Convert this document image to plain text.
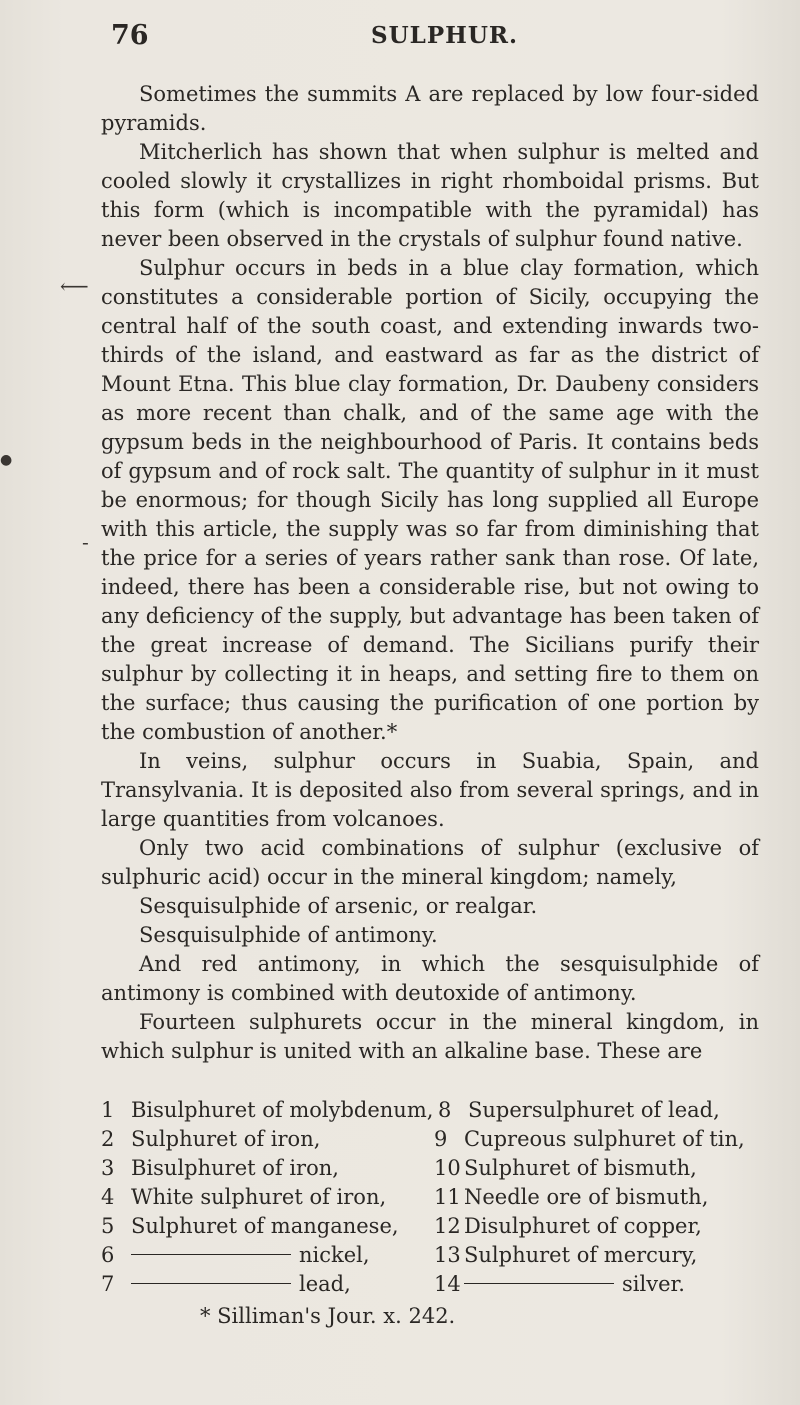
76	SULPHUR.
⟵
●
-

Sometimes the summits A are replaced by low four-sided pyramids.

Mitcherlich has shown that when sulphur is melted and cooled slowly it crystallizes in right rhomboidal prisms. But this form (which is incompatible with the pyramidal) has never been observed in the crystals of sulphur found native.

Sulphur occurs in beds in a blue clay formation, which constitutes a considerable portion of Sicily, occupying the central half of the south coast, and extending inwards two-thirds of the island, and eastward as far as the district of Mount Etna. This blue clay formation, Dr. Daubeny considers as more recent than chalk, and of the same age with the gypsum beds in the neighbourhood of Paris. It contains beds of gypsum and of rock salt. The quantity of sulphur in it must be enormous; for though Sicily has long supplied all Europe with this article, the supply was so far from diminishing that the price for a series of years rather sank than rose. Of late, indeed, there has been a considerable rise, but not owing to any deficiency of the supply, but advantage has been taken of the great increase of demand. The Sicilians purify their sulphur by collecting it in heaps, and setting fire to them on the surface; thus causing the purification of one portion by the combustion of another.*

In veins, sulphur occurs in Suabia, Spain, and Transylvania. It is deposited also from several springs, and in large quantities from volcanoes.

Only two acid combinations of sulphur (exclusive of sulphuric acid) occur in the mineral kingdom; namely,

Sesquisulphide of arsenic, or realgar.

Sesquisulphide of antimony.

And red antimony, in which the sesquisulphide of antimony is combined with deutoxide of antimony.

Fourteen sulphurets occur in the mineral kingdom, in which sulphur is united with an alkaline base. These are

1 Bisulphuret of molybdenum, 8 Supersulphuret of lead,
2 Sulphuret of iron,	9 Cupreous sulphuret of tin,
3 Bisulphuret of iron,	10 Sulphuret of bismuth,
4 White sulphuret of iron,	11 Needle ore of bismuth,
5 Sulphuret of manganese,	12 Disulphuret of copper,
6	nickel,	13 Sulphuret of mercury,
7	lead,	14	silver.
* Silliman's Jour. x. 242.
